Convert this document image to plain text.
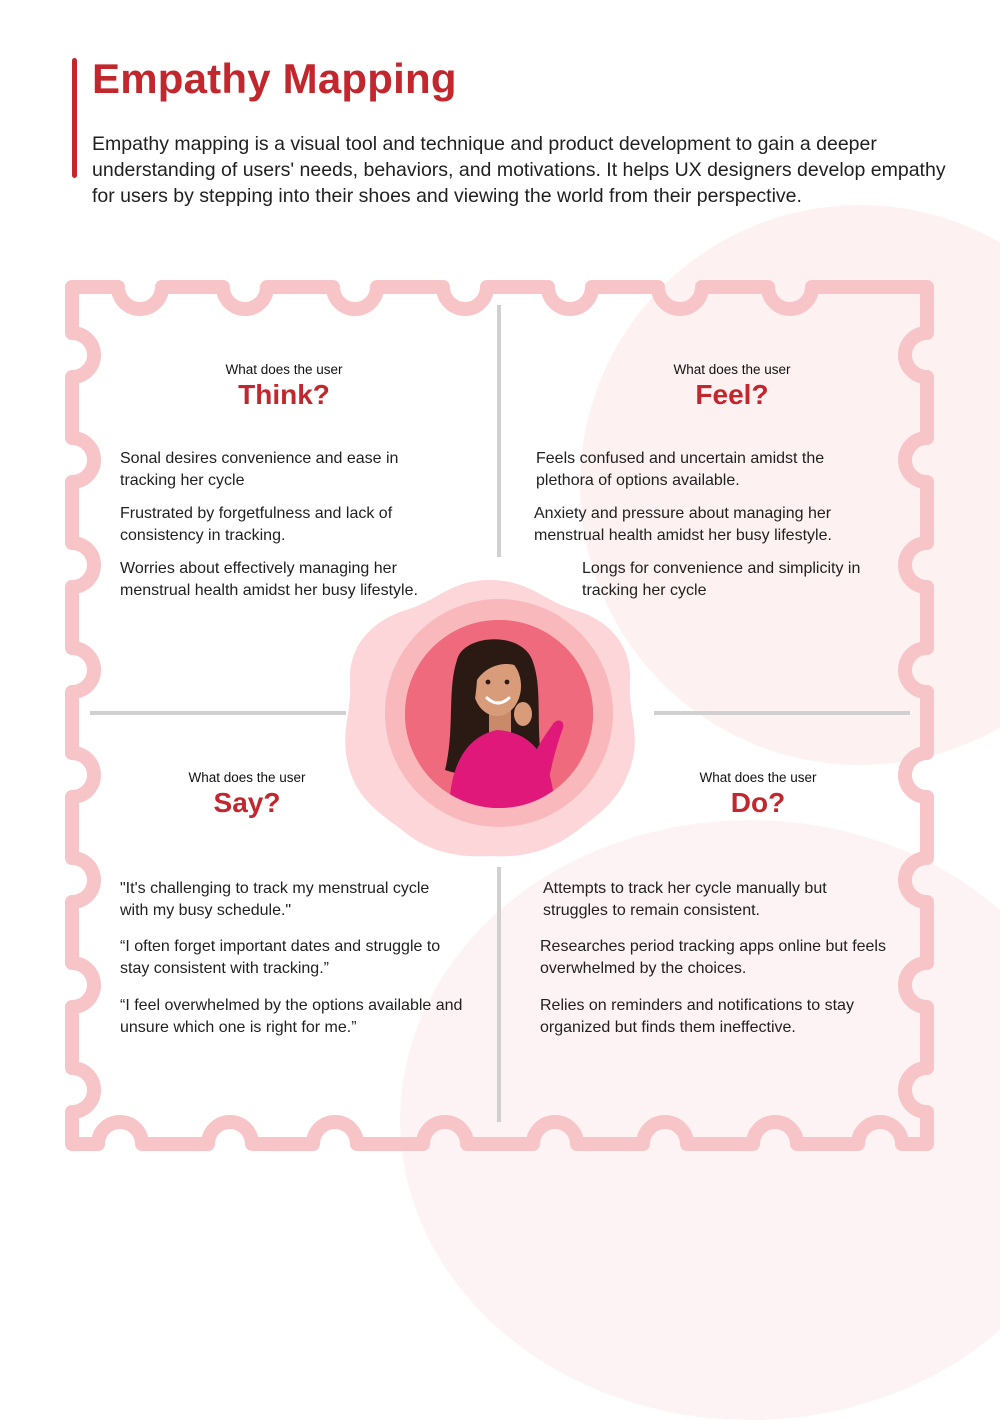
Empathy Mapping

Empathy mapping is a visual tool and technique and product development to gain a deeper understanding of users' needs, behaviors, and motivations. It helps UX designers develop empathy for users by stepping into their shoes and viewing the world from their perspective.

What does the user
Think?

Sonal desires convenience and ease in tracking her cycle

Frustrated by forgetfulness and lack of consistency in tracking.

Worries about effectively managing her menstrual health amidst her busy lifestyle.

What does the user
Feel?

Feels confused and uncertain amidst the plethora of options available.

Anxiety and pressure about managing her menstrual health amidst her busy lifestyle.

Longs for convenience and simplicity in tracking her cycle

What does the user
Say?

"It's challenging to track my menstrual cycle with my busy schedule."

“I often forget important dates and struggle to stay consistent with tracking.”

“I feel overwhelmed by the options available and unsure which one is right for me.”

What does the user
Do?

Attempts to track her cycle manually but struggles to remain consistent.

Researches period tracking apps online but feels overwhelmed by the choices.

Relies on reminders and notifications to stay organized but finds them ineffective.
